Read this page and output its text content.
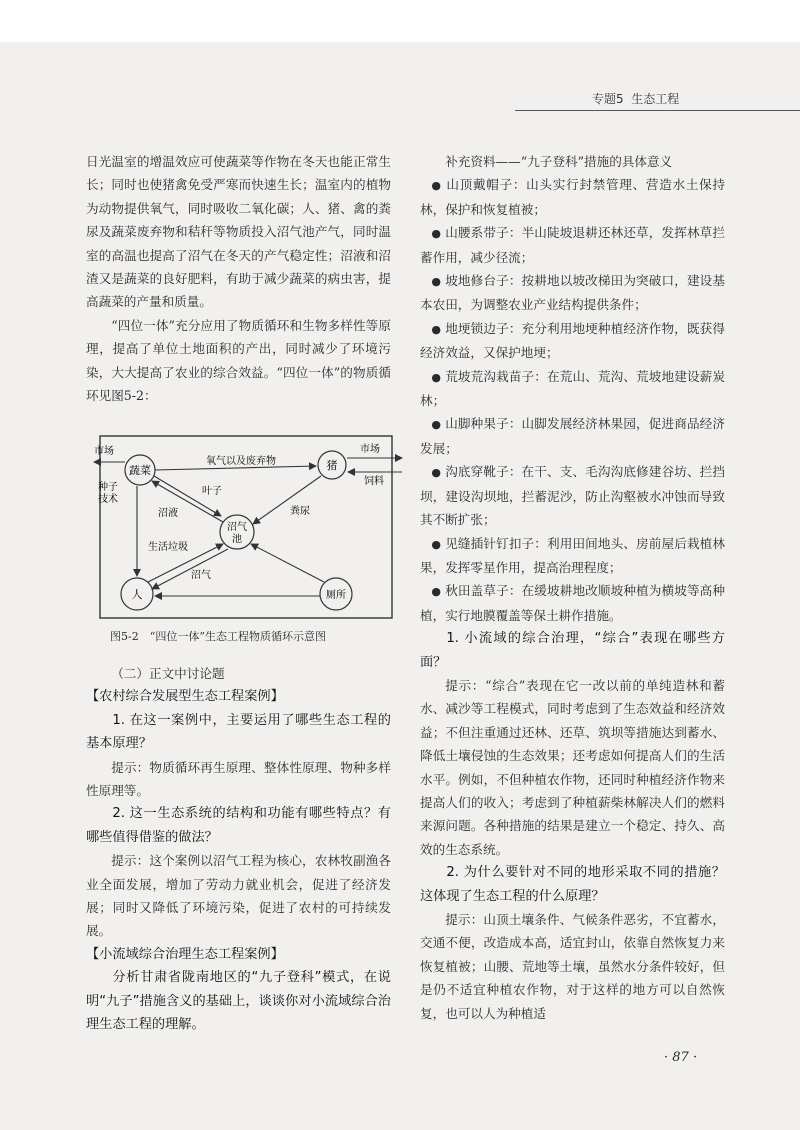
专题5 生态工程

日光温室的增温效应可使蔬菜等作物在冬天也能正常生长；同时也使猪禽免受严寒而快速生长；温室内的植物为动物提供氧气，同时吸收二氧化碳；人、猪、禽的粪尿及蔬菜废弃物和秸秆等物质投入沼气池产气，同时温室的高温也提高了沼气在冬天的产气稳定性；沼液和沼渣又是蔬菜的良好肥料，有助于减少蔬菜的病虫害，提高蔬菜的产量和质量。

“四位一体”充分应用了物质循环和生物多样性等原理，提高了单位土地面积的产出，同时减少了环境污染，大大提高了农业的综合效益。“四位一体”的物质循环见图5-2：

蔬菜	猪
沼气
池
人	厕所
市场	市场
饲料
种子
技术
氧气以及废弃物
叶子
沼液	粪尿
生活垃圾
沼气
图5-2　“四位一体”生态工程物质循环示意图

（二）正文中讨论题

【农村综合发展型生态工程案例】

1. 在这一案例中，主要运用了哪些生态工程的基本原理？

提示：物质循环再生原理、整体性原理、物种多样性原理等。

2. 这一生态系统的结构和功能有哪些特点？有哪些值得借鉴的做法？

提示：这个案例以沼气工程为核心，农林牧副渔各业全面发展，增加了劳动力就业机会，促进了经济发展；同时又降低了环境污染，促进了农村的可持续发展。

【小流域综合治理生态工程案例】

分析甘肃省陇南地区的“九子登科”模式，在说明“九子”措施含义的基础上，谈谈你对小流域综合治理生态工程的理解。

补充资料——“九子登科”措施的具体意义

● 山顶戴帽子：山头实行封禁管理、营造水土保持林，保护和恢复植被；

● 山腰系带子：半山陡坡退耕还林还草，发挥林草拦蓄作用，减少径流；

● 坡地修台子：按耕地以坡改梯田为突破口，建设基本农田，为调整农业产业结构提供条件；

● 地埂锁边子：充分利用地埂种植经济作物，既获得经济效益，又保护地埂；

● 荒坡荒沟栽苗子：在荒山、荒沟、荒坡地建设薪炭林；

● 山脚种果子：山脚发展经济林果园，促进商品经济发展；

● 沟底穿靴子：在干、支、毛沟沟底修建谷坊、拦挡坝，建设沟坝地，拦蓄泥沙，防止沟壑被水冲蚀而导致其不断扩张；

● 见缝插针钉扣子：利用田间地头、房前屋后栽植林果，发挥零星作用，提高治理程度；

● 秋田盖草子：在缓坡耕地改顺坡种植为横坡等高种植，实行地膜覆盖等保土耕作措施。

1. 小流域的综合治理，“综合”表现在哪些方面？

提示：“综合”表现在它一改以前的单纯造林和蓄水、减沙等工程模式，同时考虑到了生态效益和经济效益；不但注重通过还林、还草、筑坝等措施达到蓄水、降低土壤侵蚀的生态效果；还考虑如何提高人们的生活水平。例如，不但种植农作物，还同时种植经济作物来提高人们的收入；考虑到了种植薪柴林解决人们的燃料来源问题。各种措施的结果是建立一个稳定、持久、高效的生态系统。

2. 为什么要针对不同的地形采取不同的措施？这体现了生态工程的什么原理？

提示：山顶土壤条件、气候条件恶劣，不宜蓄水，交通不便，改造成本高，适宜封山，依靠自然恢复力来恢复植被；山腰、荒地等土壤，虽然水分条件较好，但是仍不适宜种植农作物，对于这样的地方可以自然恢复，也可以人为种植适

· 87 ·
